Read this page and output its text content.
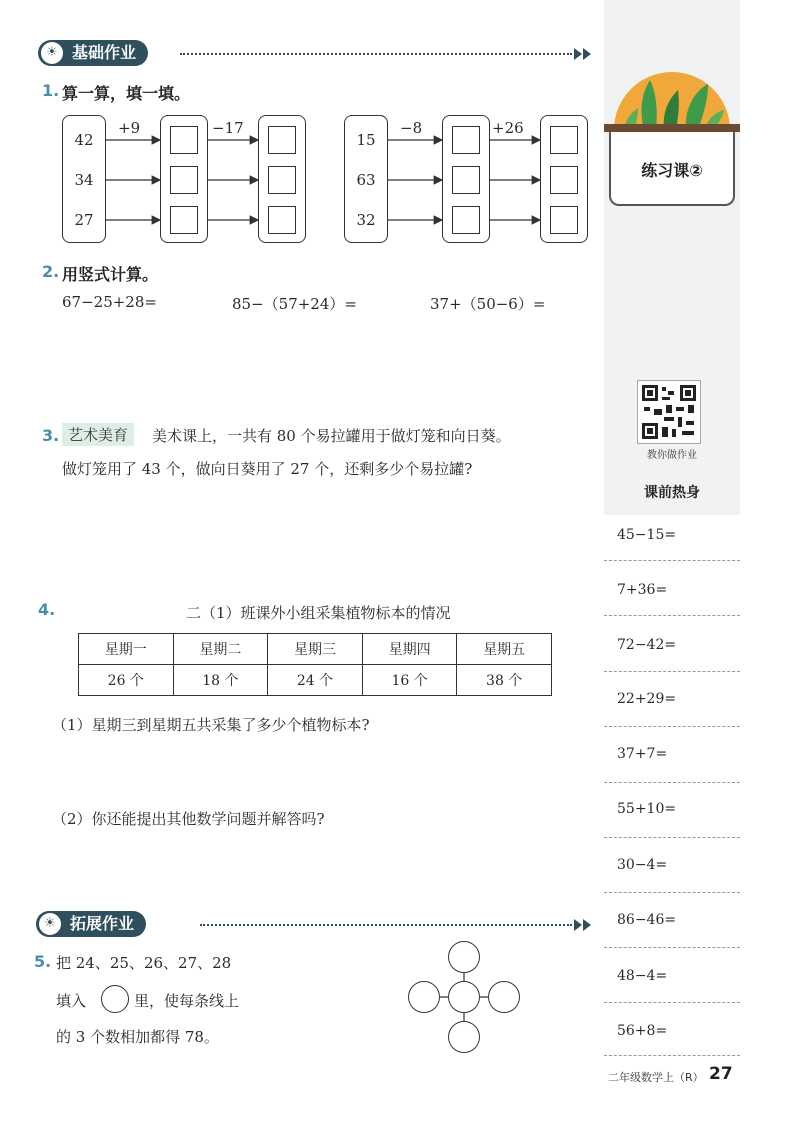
☀ 基础作业
1. 算一算，填一填。
42
34
27
+9	−17
15
63
32
−8	+26
2. 用竖式计算。
67−25+28=	85−（57+24）=	37+（50−6）=
3. 艺术美育	美术课上，一共有 80 个易拉罐用于做灯笼和向日葵。
做灯笼用了 43 个，做向日葵用了 27 个，还剩多少个易拉罐?
4.	二（1）班课外小组采集植物标本的情况
星期一	星期二	星期三	星期四	星期五
26 个	18 个	24 个	16 个	38 个
（1）星期三到星期五共采集了多少个植物标本?
（2）你还能提出其他数学问题并解答吗?
☀ 拓展作业
5. 把 24、25、26、27、28
填入	里，使每条线上
的 3 个数相加都得 78。
练习课②
教你做作业
课前热身
45−15=
7+36=
72−42=
22+29=
37+7=
55+10=
30−4=
86−46=
48−4=
56+8=
二年级数学上（R） 27
